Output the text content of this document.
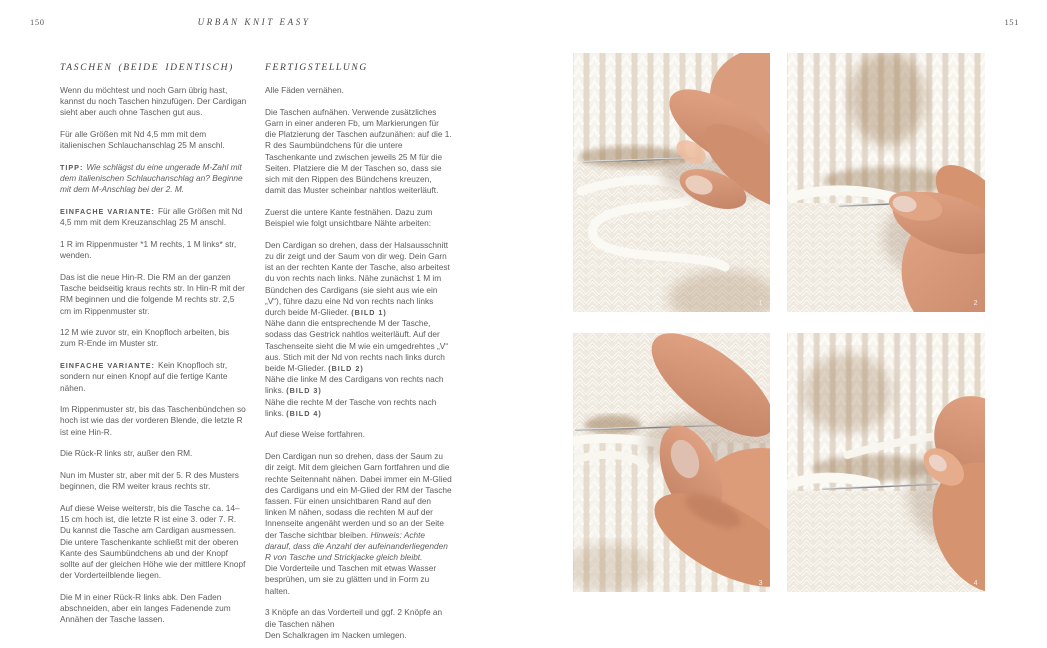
150	URBAN KNIT EASY	151
TASCHEN (BEIDE IDENTISCH)

Wenn du möchtest und noch Garn übrig hast, kannst du noch Taschen hinzufügen. Der Cardigan sieht aber auch ohne Taschen gut aus.

Für alle Größen mit Nd 4,5 mm mit dem italienischen Schlauchanschlag 25 M anschl.

TIPP: Wie schlägst du eine ungerade M-Zahl mit dem italienischen Schlauchanschlag an? Beginne mit dem M-Anschlag bei der 2. M.

EINFACHE VARIANTE: Für alle Größen mit Nd 4,5 mm mit dem Kreuzanschlag 25 M anschl.

1 R im Rippenmuster *1 M rechts, 1 M links* str, wenden.

Das ist die neue Hin-R. Die RM an der ganzen Tasche beidseitig kraus rechts str. In Hin-R mit der RM beginnen und die folgende M rechts str. 2,5 cm im Rippenmuster str.

12 M wie zuvor str, ein Knopfloch arbeiten, bis zum R-Ende im Muster str.

EINFACHE VARIANTE: Kein Knopfloch str, sondern nur einen Knopf auf die fertige Kante nähen.

Im Rippenmuster str, bis das Taschenbündchen so hoch ist wie das der vorderen Blende, die letzte R ist eine Hin-R.

Die Rück-R links str, außer den RM.

Nun im Muster str, aber mit der 5. R des Musters beginnen, die RM weiter kraus rechts str.

Auf diese Weise weiterstr, bis die Tasche ca. 14–15 cm hoch ist, die letzte R ist eine 3. oder 7. R. Du kannst die Tasche am Cardigan ausmessen. Die untere Taschenkante schließt mit der oberen Kante des Saumbündchens ab und der Knopf sollte auf der gleichen Höhe wie der mittlere Knopf der Vorderteilblende liegen.

Die M in einer Rück-R links abk. Den Faden abschneiden, aber ein langes Fadenende zum Annähen der Tasche lassen.

FERTIGSTELLUNG

Alle Fäden vernähen.

Die Taschen aufnähen. Verwende zusätzliches Garn in einer anderen Fb, um Markierungen für die Platzierung der Taschen aufzunähen: auf die 1. R des Saumbündchens für die untere Taschenkante und zwischen jeweils 25 M für die Seiten. Platziere die M der Taschen so, dass sie sich mit den Rippen des Bündchens kreuzen, damit das Muster scheinbar nahtlos weiterläuft.

Zuerst die untere Kante festnähen. Dazu zum Beispiel wie folgt unsichtbare Nähte arbeiten:

Den Cardigan so drehen, dass der Halsausschnitt zu dir zeigt und der Saum von dir weg. Dein Garn ist an der rechten Kante der Tasche, also arbeitest du von rechts nach links. Nähe zunächst 1 M im Bündchen des Cardigans (sie sieht aus wie ein „V“), führe dazu eine Nd von rechts nach links durch beide M-Glieder. (BILD 1)
Nähe dann die entsprechende M der Tasche, sodass das Gestrick nahtlos weiterläuft. Auf der Taschenseite sieht die M wie ein umgedrehtes „V“ aus. Stich mit der Nd von rechts nach links durch beide M-Glieder. (BILD 2)
Nähe die linke M des Cardigans von rechts nach links. (BILD 3)
Nähe die rechte M der Tasche von rechts nach links. (BILD 4)

Auf diese Weise fortfahren.

Den Cardigan nun so drehen, dass der Saum zu dir zeigt. Mit dem gleichen Garn fortfahren und die rechte Seitennaht nähen. Dabei immer ein M-Glied des Cardigans und ein M-Glied der RM der Tasche fassen. Für einen unsichtbaren Rand auf den linken M nähen, sodass die rechten M auf der Innenseite angenäht werden und so an der Seite der Tasche sichtbar bleiben. Hinweis: Achte darauf, dass die Anzahl der aufeinanderliegenden R von Tasche und Strickjacke gleich bleibt.
Die Vorderteile und Taschen mit etwas Wasser besprühen, um sie zu glätten und in Form zu halten.

3 Knöpfe an das Vorderteil und ggf. 2 Knöpfe an die Taschen nähen
Den Schalkragen im Nacken umlegen.

1	2
3	4
